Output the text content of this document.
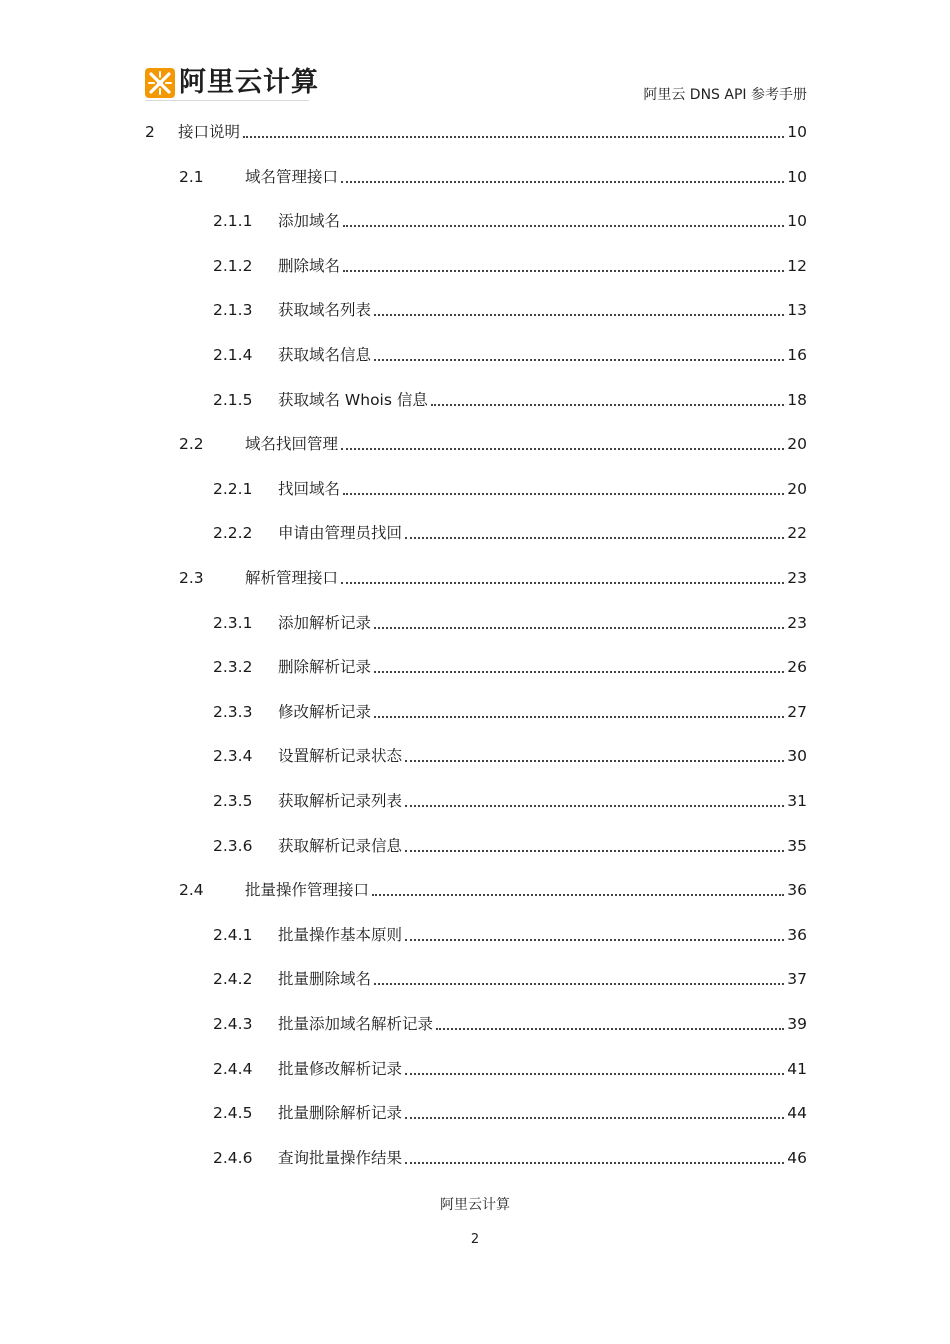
阿里云计算	阿里云 DNS API 参考手册
2 接口说明	10
2.1	域名管理接口	10
2.1.1 添加域名	10
2.1.2 删除域名	12
2.1.3 获取域名列表	13
2.1.4 获取域名信息	16
2.1.5 获取域名 Whois 信息	18
2.2	域名找回管理	20
2.2.1 找回域名	20
2.2.2 申请由管理员找回	22
2.3	解析管理接口	23
2.3.1 添加解析记录	23
2.3.2 删除解析记录	26
2.3.3 修改解析记录	27
2.3.4 设置解析记录状态	30
2.3.5 获取解析记录列表	31
2.3.6 获取解析记录信息	35
2.4	批量操作管理接口	36
2.4.1 批量操作基本原则	36
2.4.2 批量删除域名	37
2.4.3 批量添加域名解析记录	39
2.4.4 批量修改解析记录	41
2.4.5 批量删除解析记录	44
2.4.6 查询批量操作结果	46
阿里云计算
2
